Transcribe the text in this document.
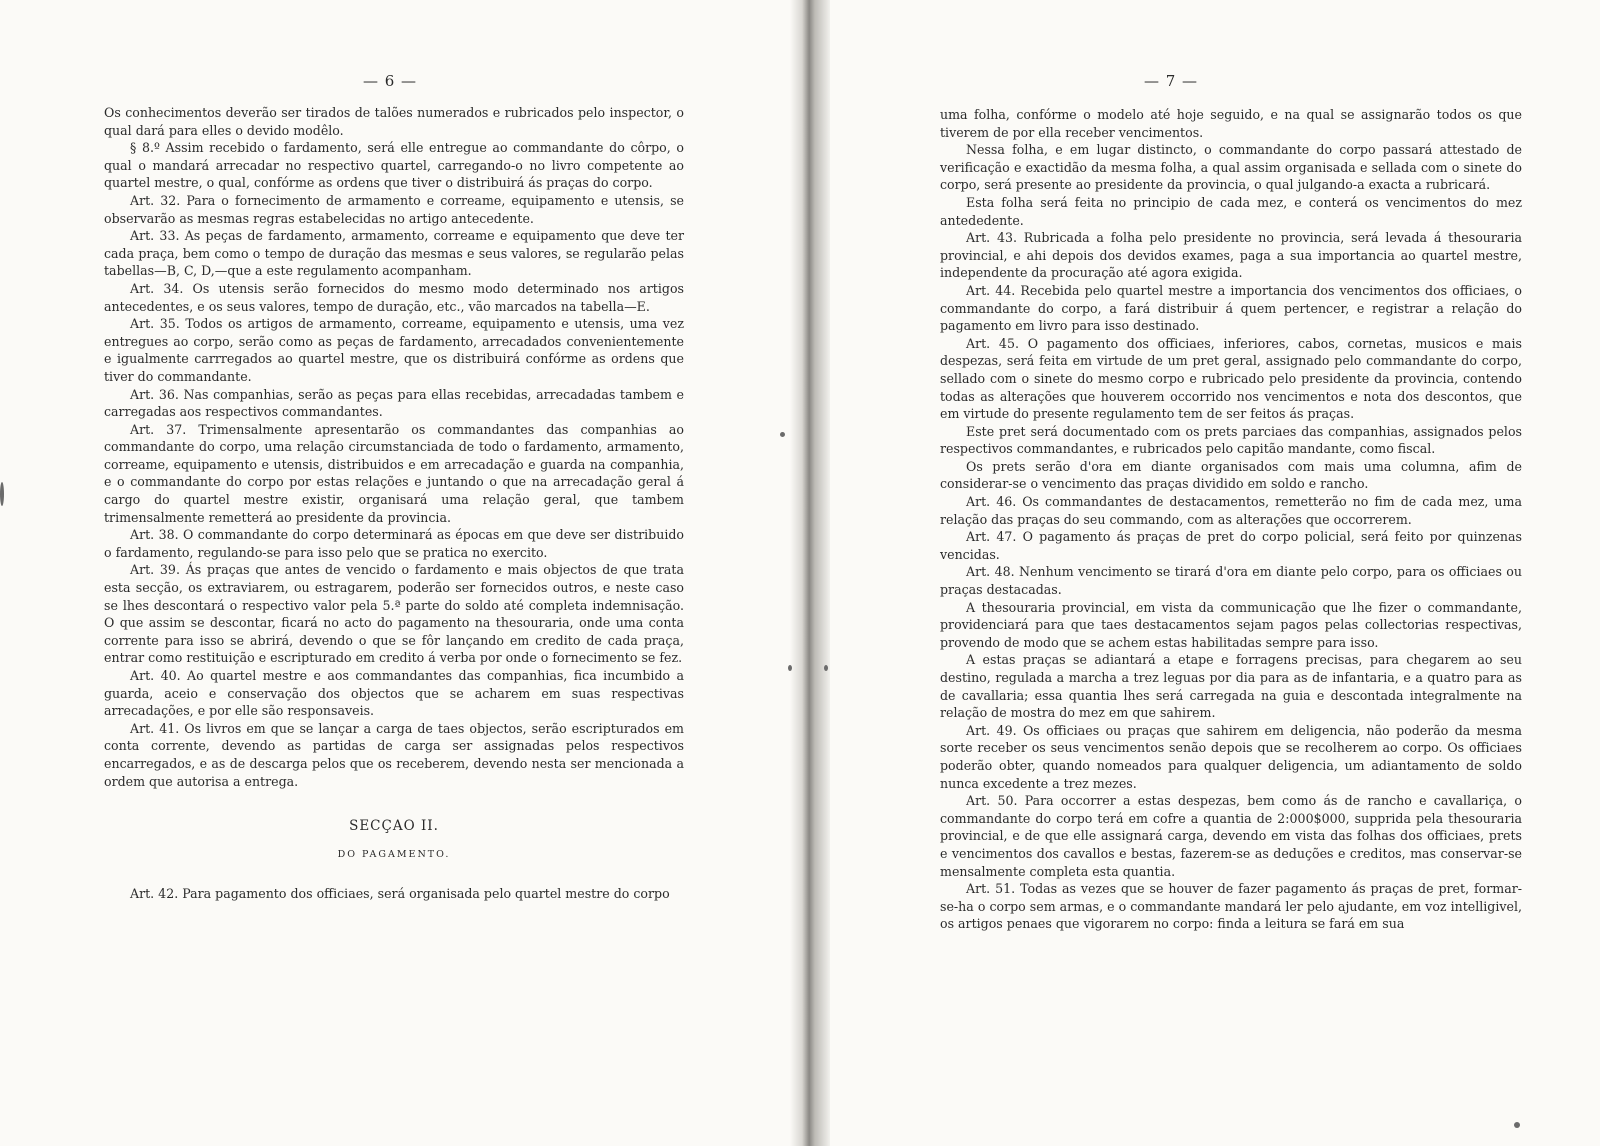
— 6 —

Os conhecimentos deverão ser tirados de talões numerados e rubricados pelo inspector, o qual dará para elles o devido modêlo.

§ 8.º Assim recebido o fardamento, será elle entregue ao commandante do côrpo, o qual o mandará arrecadar no respectivo quartel, carregando-o no livro competente ao quartel mestre, o qual, confórme as ordens que tiver o distribuirá ás praças do corpo.

Art. 32. Para o fornecimento de armamento e correame, equipamento e utensis, se observarão as mesmas regras estabelecidas no artigo antecedente.

Art. 33. As peças de fardamento, armamento, correame e equipamento que deve ter cada praça, bem como o tempo de duração das mesmas e seus valores, se regularão pelas tabellas—B, C, D,—que a este regulamento acompanham.

Art. 34. Os utensis serão fornecidos do mesmo modo determinado nos artigos antecedentes, e os seus valores, tempo de duração, etc., vão marcados na tabella—E.

Art. 35. Todos os artigos de armamento, correame, equipamento e utensis, uma vez entregues ao corpo, serão como as peças de fardamento, arrecadados convenientemente e igualmente carrregados ao quartel mestre, que os distribuirá confórme as ordens que tiver do commandante.

Art. 36. Nas companhias, serão as peças para ellas recebidas, arrecadadas tambem e carregadas aos respectivos commandantes.

Art. 37. Trimensalmente apresentarão os commandantes das companhias ao commandante do corpo, uma relação circumstanciada de todo o fardamento, armamento, correame, equipamento e utensis, distribuidos e em arrecadação e guarda na companhia, e o commandante do corpo por estas relações e juntando o que na arrecadação geral á cargo do quartel mestre existir, organisará uma relação geral, que tambem trimensalmente remetterá ao presidente da provincia.

Art. 38. O commandante do corpo determinará as épocas em que deve ser distribuido o fardamento, regulando-se para isso pelo que se pratica no exercito.

Art. 39. Ás praças que antes de vencido o fardamento e mais objectos de que trata esta secção, os extraviarem, ou estragarem, poderão ser fornecidos outros, e neste caso se lhes descontará o respectivo valor pela 5.ª parte do soldo até completa indemnisação. O que assim se descontar, ficará no acto do pagamento na thesouraria, onde uma conta corrente para isso se abrirá, devendo o que se fôr lançando em credito de cada praça, entrar como restituição e escripturado em credito á verba por onde o fornecimento se fez.

Art. 40. Ao quartel mestre e aos commandantes das companhias, fica incumbido a guarda, aceio e conservação dos objectos que se acharem em suas respectivas arrecadações, e por elle são responsaveis.

Art. 41. Os livros em que se lançar a carga de taes objectos, serão escripturados em conta corrente, devendo as partidas de carga ser assignadas pelos respectivos encarregados, e as de descarga pelos que os receberem, devendo nesta ser mencionada a ordem que autorisa a entrega.

SECÇAO II.
DO PAGAMENTO.

Art. 42. Para pagamento dos officiaes, será organisada pelo quartel mestre do corpo

— 7 —

uma folha, confórme o modelo até hoje seguido, e na qual se assignarão todos os que tiverem de por ella receber vencimentos.

Nessa folha, e em lugar distincto, o commandante do corpo passará attestado de verificação e exactidão da mesma folha, a qual assim organisada e sellada com o sinete do corpo, será presente ao presidente da provincia, o qual julgando-a exacta a rubricará.

Esta folha será feita no principio de cada mez, e conterá os vencimentos do mez antededente.

Art. 43. Rubricada a folha pelo presidente no provincia, será levada á thesouraria provincial, e ahi depois dos devidos exames, paga a sua importancia ao quartel mestre, independente da procuração até agora exigida.

Art. 44. Recebida pelo quartel mestre a importancia dos vencimentos dos officiaes, o commandante do corpo, a fará distribuir á quem pertencer, e registrar a relação do pagamento em livro para isso destinado.

Art. 45. O pagamento dos officiaes, inferiores, cabos, cornetas, musicos e mais despezas, será feita em virtude de um pret geral, assignado pelo commandante do corpo, sellado com o sinete do mesmo corpo e rubricado pelo presidente da provincia, contendo todas as alterações que houverem occorrido nos vencimentos e nota dos descontos, que em virtude do presente regulamento tem de ser feitos ás praças.

Este pret será documentado com os prets parciaes das companhias, assignados pelos respectivos commandantes, e rubricados pelo capitão mandante, como fiscal.

Os prets serão d'ora em diante organisados com mais uma columna, afim de considerar-se o vencimento das praças dividido em soldo e rancho.

Art. 46. Os commandantes de destacamentos, remetterão no fim de cada mez, uma relação das praças do seu commando, com as alterações que occorrerem.

Art. 47. O pagamento ás praças de pret do corpo policial, será feito por quinzenas vencidas.

Art. 48. Nenhum vencimento se tirará d'ora em diante pelo corpo, para os officiaes ou praças destacadas.

A thesouraria provincial, em vista da communicação que lhe fizer o commandante, providenciará para que taes destacamentos sejam pagos pelas collectorias respectivas, provendo de modo que se achem estas habilitadas sempre para isso.

A estas praças se adiantará a etape e forragens precisas, para chegarem ao seu destino, regulada a marcha a trez leguas por dia para as de infantaria, e a quatro para as de cavallaria; essa quantia lhes será carregada na guia e descontada integralmente na relação de mostra do mez em que sahirem.

Art. 49. Os officiaes ou praças que sahirem em deligencia, não poderão da mesma sorte receber os seus vencimentos senão depois que se recolherem ao corpo. Os officiaes poderão obter, quando nomeados para qualquer deligencia, um adiantamento de soldo nunca excedente a trez mezes.

Art. 50. Para occorrer a estas despezas, bem como ás de rancho e cavallariça, o commandante do corpo terá em cofre a quantia de 2:000$000, supprida pela thesouraria provincial, e de que elle assignará carga, devendo em vista das folhas dos officiaes, prets e vencimentos dos cavallos e bestas, fazerem-se as deduções e creditos, mas conservar-se mensalmente completa esta quantia.

Art. 51. Todas as vezes que se houver de fazer pagamento ás praças de pret, formar-se-ha o corpo sem armas, e o commandante mandará ler pelo ajudante, em voz intelligivel, os artigos penaes que vigorarem no corpo: finda a leitura se fará em sua
